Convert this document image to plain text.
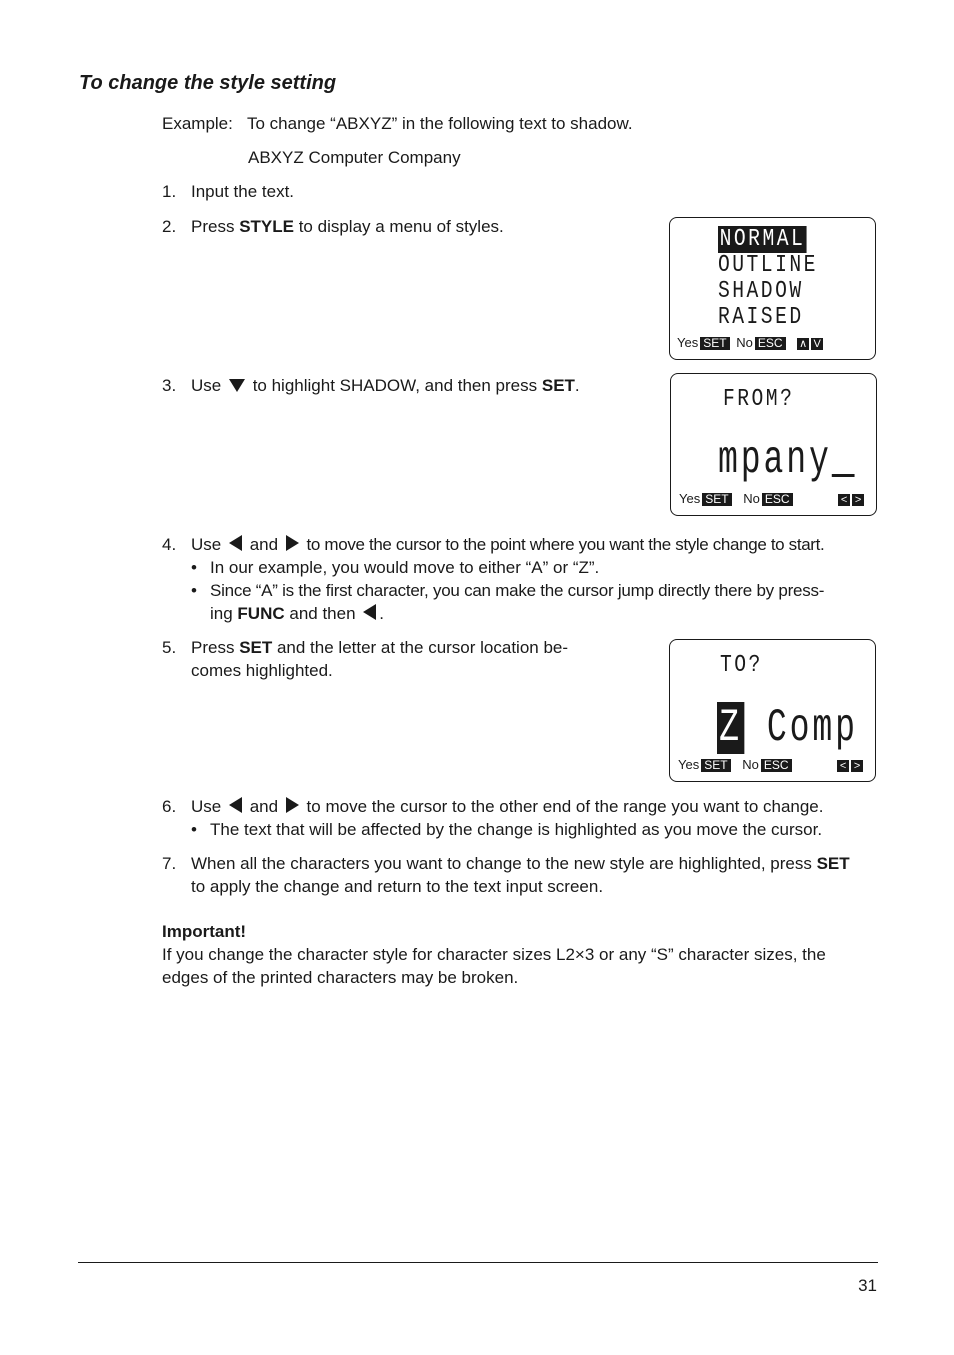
To change the style setting
Example: To change “ABXYZ” in the following text to shadow.
ABXYZ Computer Company
1. Input the text.
2. Press STYLE to display a menu of styles.	NORMAL
OUTLINE
SHADOW
RAISED
Yes SET No ESC ∧ V
3. Use to highlight SHADOW, and then press SET.
FROM?
mpany
Yes SET No ESC	< >
4. Use and to move the cursor to the point where you want the style change to start.
• In our example, you would move to either “A” or “Z”.
• Since “A” is the first character, you can make the cursor jump directly there by press-
ing FUNC and then .
5. Press SET and the letter at the cursor location be-
comes highlighted.	TO?
Z Comp
Yes SET No ESC	< >
6. Use and to move the cursor to the other end of the range you want to change.
• The text that will be affected by the change is highlighted as you move the cursor.
7. When all the characters you want to change to the new style are highlighted, press SET
to apply the change and return to the text input screen.
Important!
If you change the character style for character sizes L2×3 or any “S” character sizes, the
edges of the printed characters may be broken.
31
